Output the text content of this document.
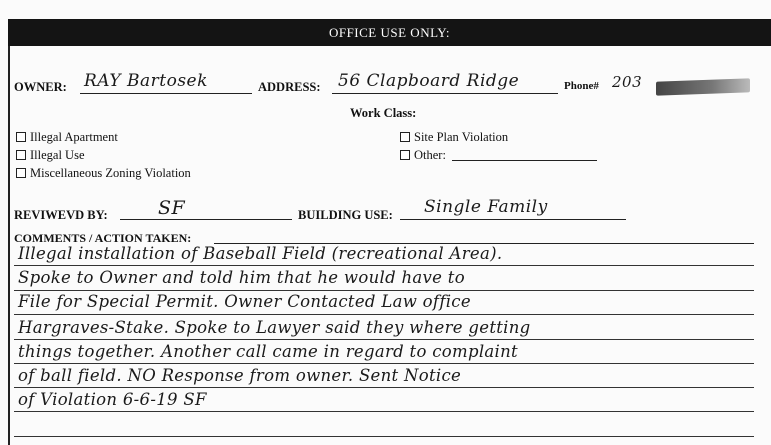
OFFICE USE ONLY:
OWNER: RAY Bartosek	ADDRESS: 56 Clapboard Ridge	Phone# 203
Work Class:
Illegal Apartment
Illegal Use
Miscellaneous Zoning Violation
Site Plan Violation
Other:
REVIWEVD BY:	SF	BUILDING USE: Single Family
COMMENTS / ACTION TAKEN:
Illegal installation of Baseball Field (recreational Area).
Spoke to Owner and told him that he would have to
File for Special Permit. Owner Contacted Law office
Hargraves-Stake. Spoke to Lawyer said they where getting
things together. Another call came in regard to complaint
of ball field. NO Response from owner. Sent Notice
of Violation 6-6-19 SF
